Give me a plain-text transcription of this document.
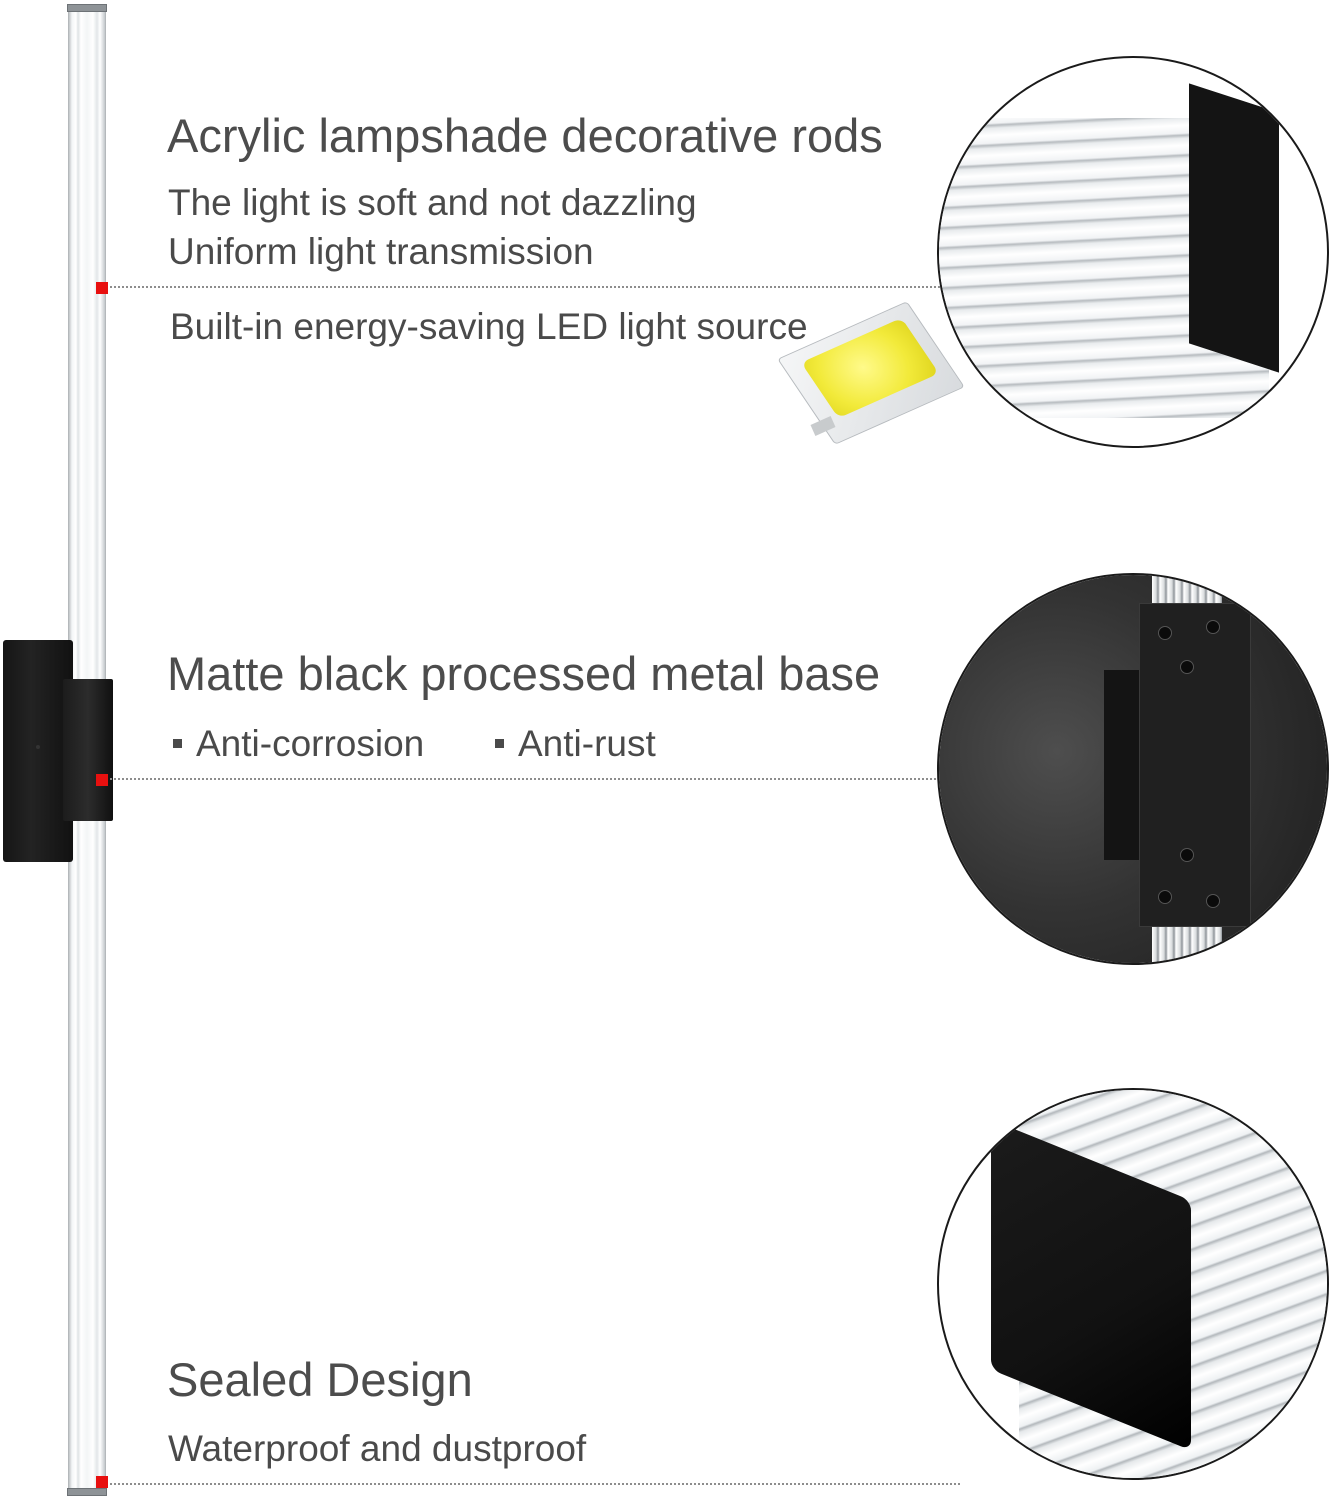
Acrylic lampshade decorative rods
The light is soft and not dazzling
Uniform light transmission
Built-in energy-saving LED light source
Matte black processed metal base
Anti-corrosion	Anti-rust
Sealed Design
Waterproof and dustproof
